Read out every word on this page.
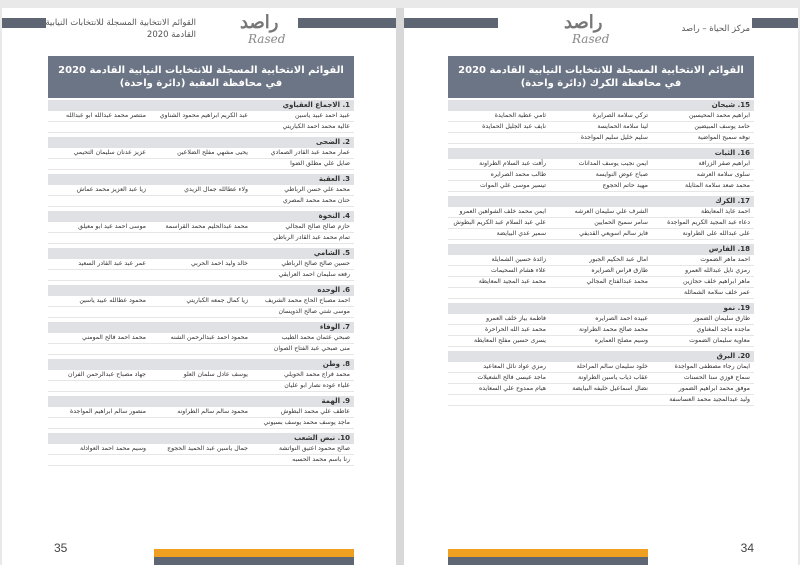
القوائم الانتخابية المسجلة للانتخابات النيابية
القادمة 2020
راصد
Rased
القوائم الانتخابية المسجلة للانتخابات النيابية القادمة 2020
في محافظة العقبة (دائرة واحدة)
1. الاجماع العقباوي
عبيد احمد عبيد ياسين
عبد الكريم ابراهيم محمود الشناوي
منتصر محمد عبدالله ابو عبدالله
عالية محمد احمد الكباريتي
2. الضحى
عمار محمد عبد القادر الصمادي
يحيى مشهي مفلح الضلاعين
عزيز عدنان سليمان التحيمي
صايل علي مطلق الضوا
3. العقبة
محمد علي حسن الرباطي
ولاء عطالله جمال الزيدي
زيا عبد العزيز محمد عماش
حنان محمد محمد المصري
4. النخوة
حازم صالح صالح المجالي
محمد عبدالحليم محمد القراسمة
موسى احمد عيد ابو معيلق
تمام محمد عبد القادر الرباطي
5. الشامي
حسين صالح صالح الرباطي
خالد وليد احمد الحربي
عمر عبد عبد القادر السعيد
رفعه سليمان احمد العرايقي
6. الوحده
احمد مصباح الحاج محمد الشريف
زيا كمال جمعه الكباريتي
محمود عطالله عبيد ياسين
موسى شتي صالح الدويسان
7. الوفاء
صبحي عثمان محمد الطيب
محمود احمد عبدالرحمن الشنه
محمد احمد فالح المومني
منى صبحي عبد الفتاح الصوان
8. وطن
محمد فراج محمد الحويلي
يوسف عادل سلمان العلو
جهاد مصباح عبدالرحمن الفران
علياء عوده نصار ابو عليان
9. الهمة
عاطف علي محمد البطوش
محمود سالم سالم الطراونه
منصور سالم ابراهيم المواجدة
ماجد يوسف محمد يوسف بسيوني
10. نبض الشعب
صالح محمود اعتيق النواتشة
جمال ياسين عبد الحميد الحجوج
وسيم محمد احمد العوادلة
رنا باسم محمد الحسبه
35
راصد
Rased
مركز الحياة – راصد
القوائم الانتخابية المسجلة للانتخابات النيابية القادمة 2020
في محافظة الكرك (دائرة واحدة)
15. شيحان
ابراهيم محمد المحيسين
تركي سلامة الصرايرة
ثامي عطية الحمايدة
حامد يوسف المبيضين
لينا سلامة الحمايسة
نايف عبد الجليل الحمايدة
نوفه سميح المواضية
سليم خليل سليم المواجدة
16. الثبات
ابراهيم صقر الزراقة
ايمن نجيب يوسف المدانات
رأفت عبد السلام الطراونة
سلوى سلامة العرشه
صباح عوض النوايسة
طالب محمد الصرايره
محمد صعد سلامة المثايلة
مهيد حاتم الحجوج
تيسير موسى علي الموات
17. الكرك
احمد عايد المعايطة
الشرف علي سليمان العرشه
ايمن محمد خلف الشواهين العمرو
دعاء عبد المجيد الكريم المواجدة
سامر سميح الحمايين
علي عبد السلام عبد الكريم البطوش
على عبدالله على الطراونة
فايز سالم اسويعي القديفي
سمير عدي البيايضة
18. الفارس
احمد ماهر الضموت
امال عبد الحكيم الجبور
زائدة حسين الشمايلة
رمزي نايل عبدالله العمرو
طارق فراس الصرايره
علاء هشام السحيمات
ماهر ابراهيم خلف حجازين
محمد عبدالفتاح المجالي
محمد عبد المجيد المعايطة
عمر خلف سلامة الشمائلة
19. نمو
طارق سليمان الضمور
عبيده احمد الصرايره
فاطمة بياز خلف العمرو
ماجده ماجد المغناوي
محمد صالح محمد الطراونة
محمد عبد الله الحراحرة
معاوية سليمان الضموت
وسيم مصلح العمايره
يسرى حسين مفلح المعايطة
20. البرق
ايمان رجاء مصطفى المواجدة
خلود سليمان سالم المراحلة
رمزي عواد نائل المعاعيد
سماح فوزي سنا الحسنات
عقاب ذياب ياسين الطراونة
ماجد عيسى فالح الشعيلات
موفق محمد ابراهيم الضمور
نضال اسماعيل خليفه البيايضة
هيام ممدوح علي السعايده
وليد عبدالمجيد محمد العساسفة
34
